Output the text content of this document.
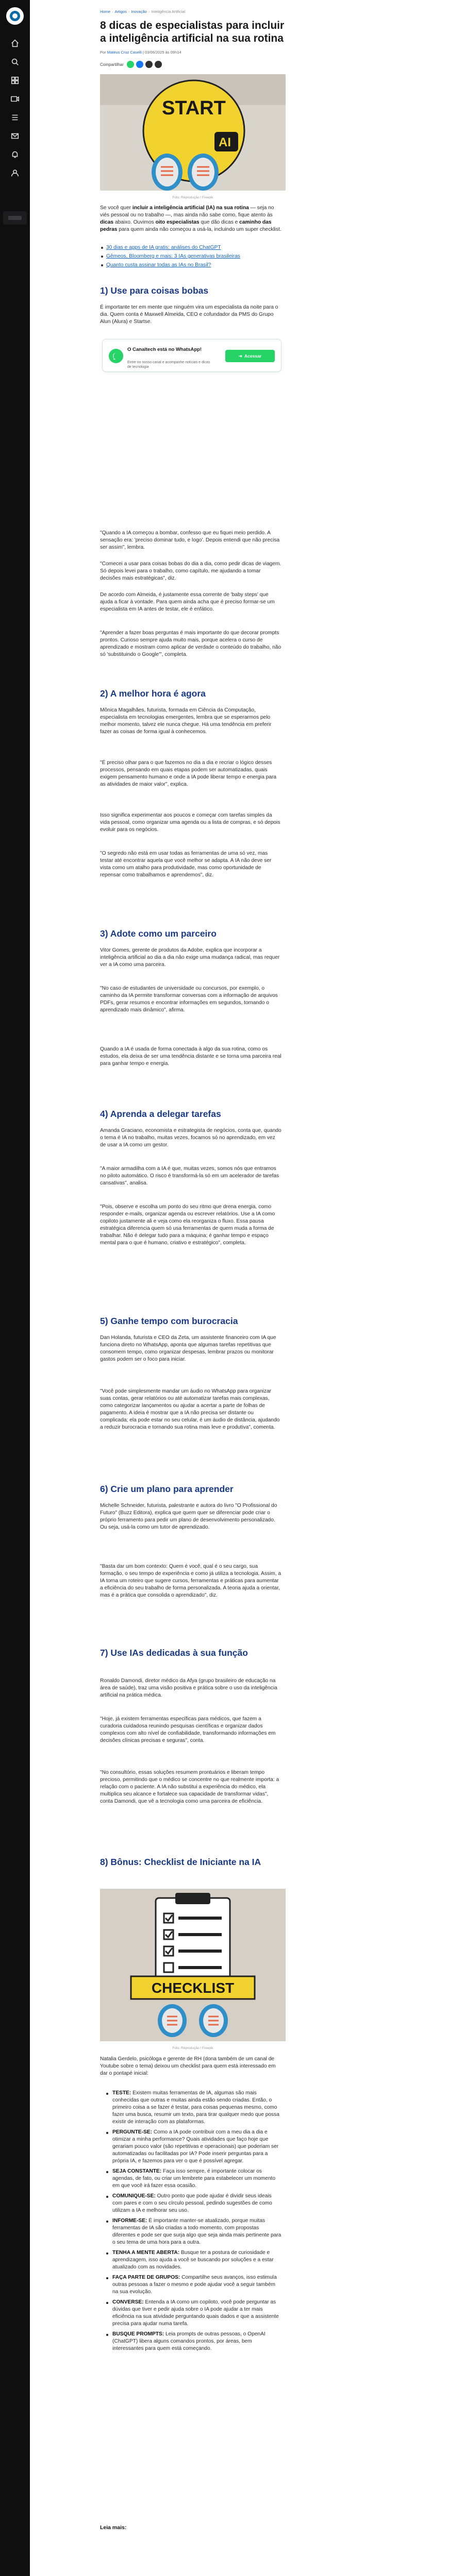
Home › Artigos › Inovação › Inteligência Artificial
8 dicas de especialistas para incluir a inteligência artificial na sua rotina
Por Mateus Cruz Caselli | 03/06/2025 às 09h14
Compartilhar
START
AI
Foto: Reprodução / Freepik

Se você quer incluir a inteligência artificial (IA) na sua rotina — seja no viés pessoal ou no trabalho —, mas ainda não sabe como, fique atento às dicas abaixo. Ouvimos oito especialistas que dão dicas e caminho das pedras para quem ainda não começou a usá-la, incluindo um super checklist.

30 dias e apps de IA gratis: análises do ChatGPT
Gêmeos, Bloomberg e mais: 3 IAs generativas brasileiras
Quanto custa assinar todas as IAs no Brasil?
1) Use para coisas bobas

É importante ter em mente que ninguém vira um especialista da noite para o dia. Quem conta é Maxwell Almeida, CEO e cofundador da PMS do Grupo Alun (Alura) e Startse.

"Quando a IA começou a bombar, confesso que eu fiquei meio perdido. A sensação era: 'preciso dominar tudo, e logo'. Depois entendi que não precisa ser assim", lembra.

"Comecei a usar para coisas bobas do dia a dia, como pedir dicas de viagem. Só depois levei para o trabalho, como capítulo, me ajudando a tomar decisões mais estratégicas", diz.

De acordo com Almeida, é justamente essa corrente de 'baby steps' que ajuda a ficar à vontade. Para quem ainda acha que é preciso formar-se um especialista em IA antes de testar, ele é enfático.

"Aprender a fazer boas perguntas é mais importante do que decorar prompts prontos. Curioso sempre ajuda muito mais, porque acelera o curso de aprendizado e mostram como aplicar de verdade o conteúdo do trabalho, não só 'substituindo o Google'", completa.

O Canaltech está no WhatsApp!
Entre no nosso canal e acompanhe notícias e dicas de tecnologia
➜ Acessar
2) A melhor hora é agora

Mônica Magalhães, futurista, formada em Ciência da Computação, especialista em tecnologias emergentes, lembra que se esperarmos pelo melhor momento, talvez ele nunca chegue. Há uma tendência em preferir fazer as coisas de forma igual à conhecemos.

"É preciso olhar para o que fazemos no dia a dia e recriar o lógico desses processos, pensando em quais etapas podem ser automatizadas, quais exigem pensamento humano e onde a IA pode liberar tempo e energia para as atividades de maior valor", explica.

Isso significa experimentar aos poucos e começar com tarefas simples da vida pessoal, como organizar uma agenda ou a lista de compras, e só depois evoluir para os negócios.

"O segredo não está em usar todas as ferramentas de uma só vez, mas testar até encontrar aquela que você melhor se adapta. A IA não deve ser vista como um atalho para produtividade, mas como oportunidade de repensar como trabalhamos e aprendemos", diz.

3) Adote como um parceiro

Vitor Gomes, gerente de produtos da Adobe, explica que incorporar a inteligência artificial ao dia a dia não exige uma mudança radical, mas requer ver a IA como uma parceira.

"No caso de estudantes de universidade ou concursos, por exemplo, o caminho da IA permite transformar conversas com a informação de arquivos PDFs, gerar resumos e encontrar informações em segundos, tornando o aprendizado mais dinâmico", afirma.

Quando a IA é usada de forma conectada à algo da sua rotina, como os estudos, ela deixa de ser uma tendência distante e se torna uma parceira real para ganhar tempo e energia.

4) Aprenda a delegar tarefas

Amanda Graciano, economista e estrategista de negócios, conta que, quando o tema é IA no trabalho, muitas vezes, focamos só no aprendizado, em vez de usar a IA como um gestor.

"A maior armadilha com a IA é que, muitas vezes, somos nós que entramos no piloto automático. O risco é transformá-la só em um acelerador de tarefas cansativas", analisa.

"Pois, observe e escolha um ponto do seu ritmo que drena energia, como responder e-mails, organizar agenda ou escrever relatórios. Use a IA como copiloto justamente ali e veja como ela reorganiza o fluxo. Essa pausa estratégica diferencia quem só usa ferramentas de quem muda a forma de trabalhar. Não é delegar tudo para a máquina; é ganhar tempo e espaço mental para o que é humano, criativo e estratégico", completa.

5) Ganhe tempo com burocracia

Dan Holanda, futurista e CEO da Zeta, um assistente financeiro com IA que funciona direto no WhatsApp, aponta que algumas tarefas repetitivas que consomem tempo, como organizar despesas, lembrar prazos ou monitorar gastos podem ser o foco para iniciar.

"Você pode simplesmente mandar um áudio no WhatsApp para organizar suas contas, gerar relatórios ou até automatizar tarefas mais complexas, como categorizar lançamentos ou ajudar a acertar a parte de folhas de pagamento. A ideia é mostrar que a IA não precisa ser distante ou complicada; ela pode estar no seu celular, é um áudio de distância, ajudando a reduzir burocracia e tornando sua rotina mais leve e produtiva", comenta.

6) Crie um plano para aprender

Michelle Schneider, futurista, palestrante e autora do livro "O Profissional do Futuro" (Buzz Editora), explica que quem quer se diferenciar pode criar o próprio ferramento para pedir um plano de desenvolvimento personalizado. Ou seja, usá-la como um tutor de aprendizado.

"Basta dar um bom contexto: Quem é você, qual é o seu cargo, sua formação, o seu tempo de experiência e como já utiliza a tecnologia. Assim, a IA torna um roteiro que sugere cursos, ferramentas e práticas para aumentar a eficiência do seu trabalho de forma personalizada. A teoria ajuda a orientar, mas é a prática que consolida o aprendizado", diz.

7) Use IAs dedicadas à sua função

Ronaldo Damondi, diretor médico da Afya (grupo brasileiro de educação na área de saúde), traz uma visão positiva e prática sobre o uso da inteligência artificial na prática médica.

"Hoje, já existem ferramentas específicas para médicos, que fazem a curadoria cuidadosa reunindo pesquisas científicas e organizar dados complexos com alto nível de confiabilidade, transformando informações em decisões clínicas precisas e seguras", conta.

"No consultório, essas soluções resumem prontuários e liberam tempo precioso, permitindo que o médico se concentre no que realmente importa: a relação com o paciente. A IA não substitui a experiência do médico, ela multiplica seu alcance e fortalece sua capacidade de transformar vidas", conta Damondi, que vê a tecnologia como uma parceira de eficiência.

8) Bônus: Checklist de Iniciante na IA
CHECKLIST
Foto: Reprodução / Freepik

Natalia Gerdelo, psicóloga e gerente de RH (dona também de um canal de Youtube sobre o tema) deixou um checklist para quem está interessado em dar o pontapé inicial:

TESTE: Existem muitas ferramentas de IA, algumas são mais conhecidas que outras e muitas ainda estão sendo criadas. Então, o primeiro coisa a se fazer é testar, para coisas pequenas mesmo, como fazer uma busca, resumir um texto, para tirar qualquer medo que possa existir de interação com as plataformas.
PERGUNTE-SE: Como a IA pode contribuir com a meu dia a dia e otimizar a minha performance? Quais atividades que faço hoje que gerariam pouco valor (são repetitivas e operacionais) que poderiam ser automatizadas ou facilitadas por IA? Pode inserir perguntas para a própria IA, e fazemos para ver o que é possível agregar.
SEJA CONSTANTE: Faça isso sempre, é importante colocar os agendas, de fato, ou criar um lembrete para estabelecer um momento em que você irá fazer essa ocasião.
COMUNIQUE-SE: Outro ponto que pode ajudar é dividir seus ideais com pares e com o seu círculo pessoal, pedindo sugestões de como utilizam a IA e melhorar seu uso.
INFORME-SE: É importante manter-se atualizado, porque muitas ferramentas de IA são criadas a todo momento, com propostas diferentes e pode ser que surja algo que seja ainda mais pertinente para o seu tema de uma hora para a outra.
TENHA A MENTE ABERTA: Busque ter a postura de curiosidade e aprendizagem, isso ajuda a você se buscando por soluções e a estar atualizado com as novidades.
FAÇA PARTE DE GRUPOS: Compartilhe seus avanços, isso estimula outras pessoas a fazer o mesmo e pode ajudar você a seguir também na sua evolução.
CONVERSE: Entenda a IA como um copiloto, você pode perguntar as dúvidas que tiver e pedir ajuda sobre o IA pode ajudar a ter mais eficiência na sua atividade perguntando quais dados e que a assistente precisa para ajudar numa tarefa.
BUSQUE PROMPTS: Leia prompts de outras pessoas, o OpenAI (ChatGPT) libera alguns comandos prontos, por áreas, bem interessantes para quem está começando.
Leia mais:
